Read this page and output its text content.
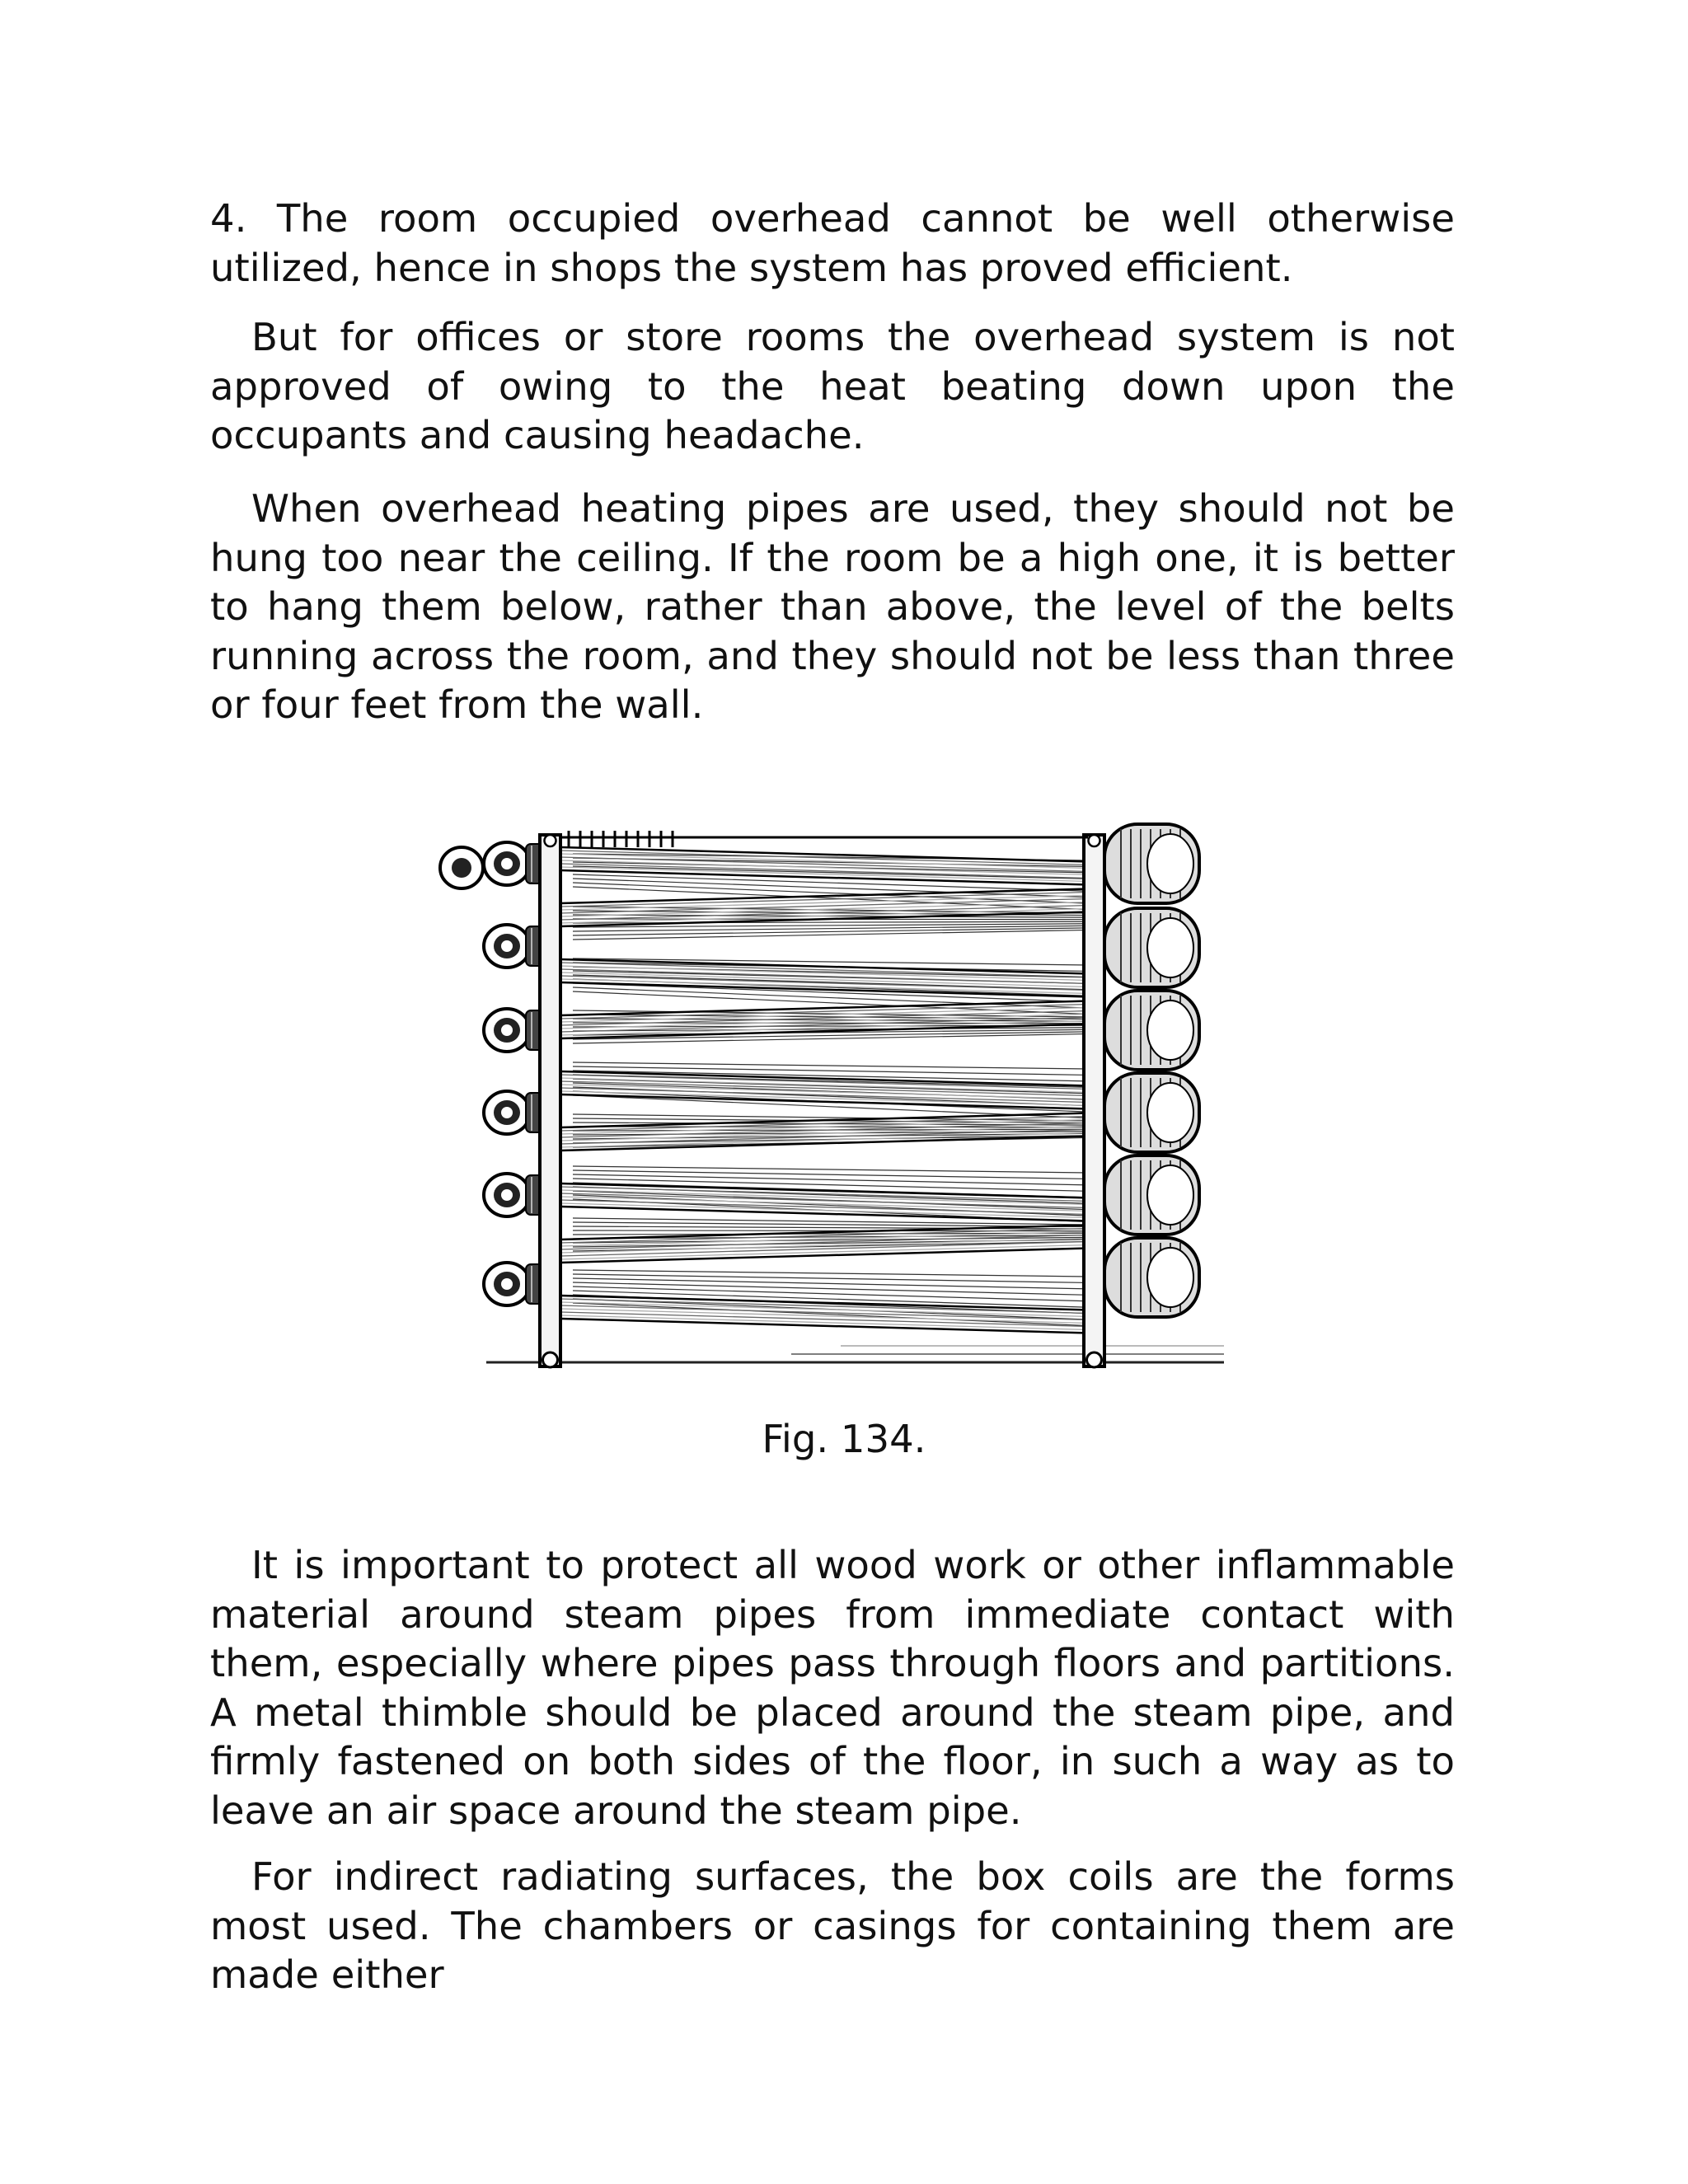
4. The room occupied overhead cannot be well otherwise utilized, hence in shops the system has proved efficient.

But for offices or store rooms the overhead system is not approved of owing to the heat beating down upon the occupants and causing headache.

When overhead heating pipes are used, they should not be hung too near the ceiling. If the room be a high one, it is better to hang them below, rather than above, the level of the belts running across the room, and they should not be less than three or four feet from the wall.

Fig. 134.

It is important to protect all wood work or other inflammable material around steam pipes from immediate contact with them, especially where pipes pass through floors and partitions. A metal thimble should be placed around the steam pipe, and firmly fastened on both sides of the floor, in such a way as to leave an air space around the steam pipe.

For indirect radiating surfaces, the box coils are the forms most used. The chambers or casings for containing them are made either
